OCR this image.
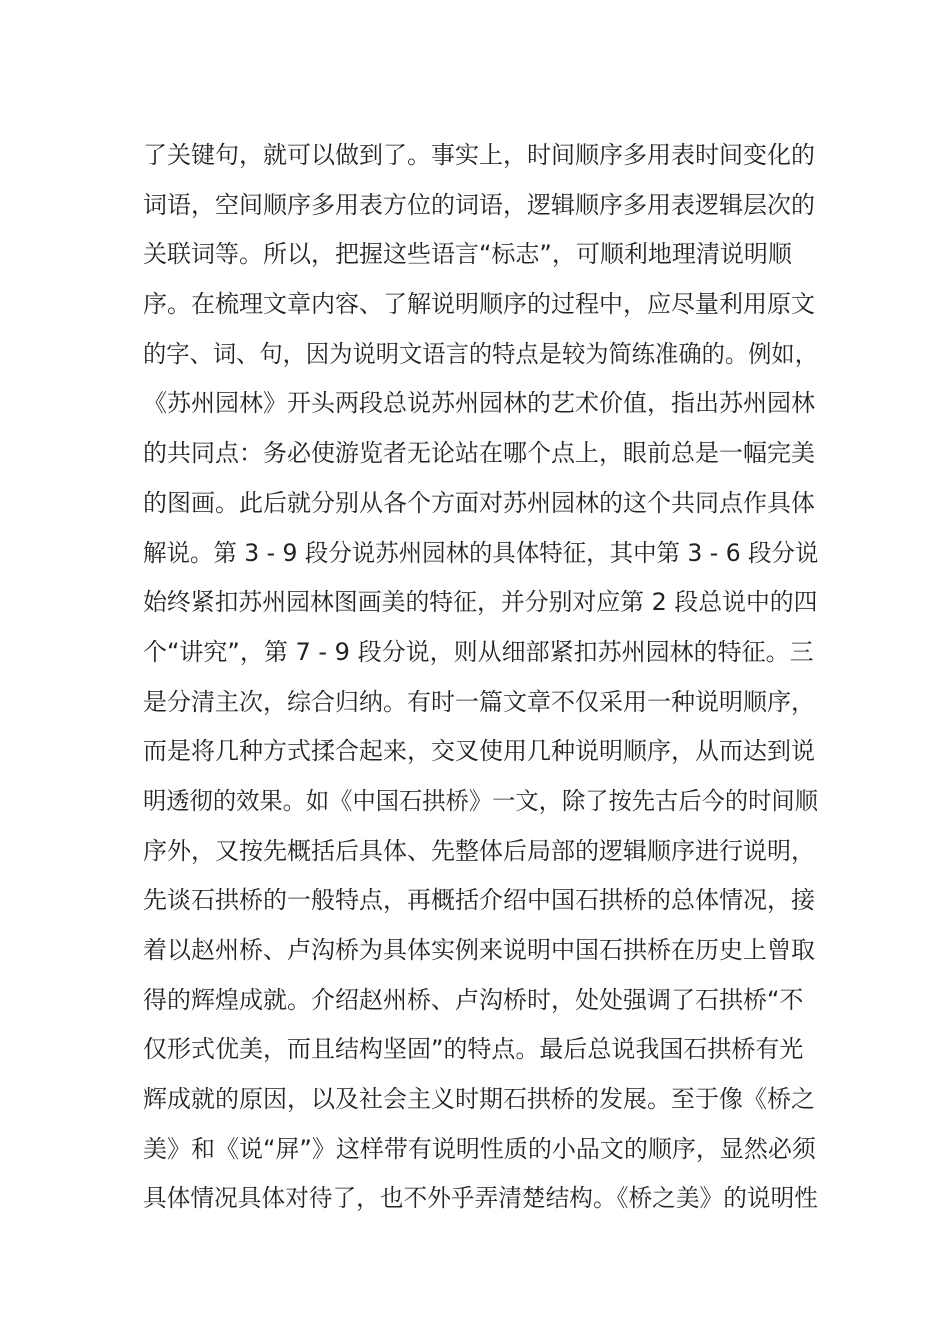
了关键句，就可以做到了。事实上，时间顺序多用表时间变化的
词语，空间顺序多用表方位的词语，逻辑顺序多用表逻辑层次的
关联词等。所以，把握这些语言“标志”，可顺利地理清说明顺
序。在梳理文章内容、了解说明顺序的过程中，应尽量利用原文
的字、词、句，因为说明文语言的特点是较为简练准确的。例如，
《苏州园林》开头两段总说苏州园林的艺术价值，指出苏州园林
的共同点：务必使游览者无论站在哪个点上，眼前总是一幅完美
的图画。此后就分别从各个方面对苏州园林的这个共同点作具体
解说。第 3 - 9 段分说苏州园林的具体特征，其中第 3 - 6 段分说
始终紧扣苏州园林图画美的特征，并分别对应第 2 段总说中的四
个“讲究”，第 7 - 9 段分说，则从细部紧扣苏州园林的特征。三
是分清主次，综合归纳。有时一篇文章不仅采用一种说明顺序，
而是将几种方式揉合起来，交叉使用几种说明顺序，从而达到说
明透彻的效果。如《中国石拱桥》一文，除了按先古后今的时间顺
序外，又按先概括后具体、先整体后局部的逻辑顺序进行说明，
先谈石拱桥的一般特点，再概括介绍中国石拱桥的总体情况，接
着以赵州桥、卢沟桥为具体实例来说明中国石拱桥在历史上曾取
得的辉煌成就。介绍赵州桥、卢沟桥时，处处强调了石拱桥“不
仅形式优美，而且结构坚固”的特点。最后总说我国石拱桥有光
辉成就的原因，以及社会主义时期石拱桥的发展。至于像《桥之
美》和《说“屏”》这样带有说明性质的小品文的顺序，显然必须
具体情况具体对待了，也不外乎弄清楚结构。《桥之美》的说明性
